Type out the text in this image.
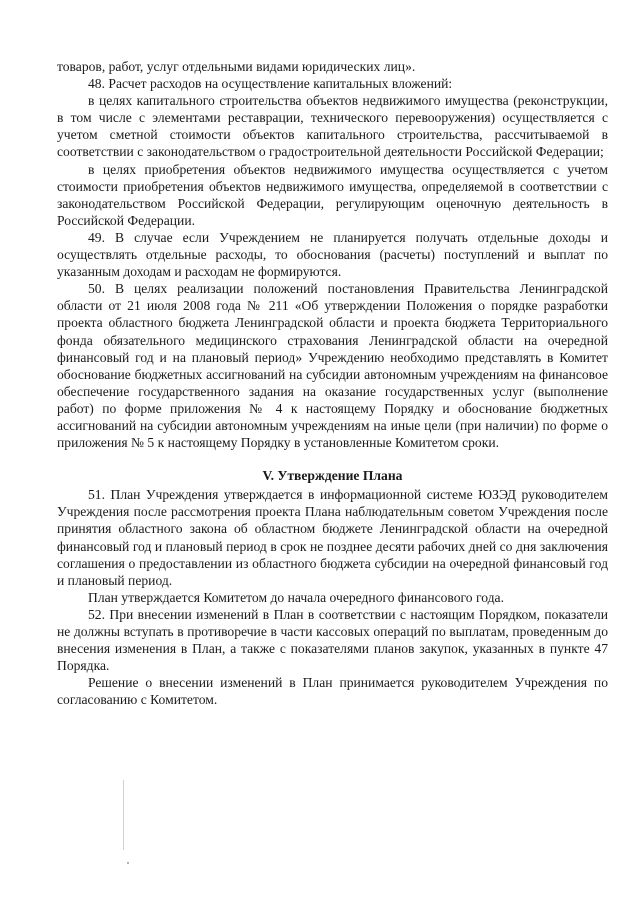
товаров, работ, услуг отдельными видами юридических лиц».

48. Расчет расходов на осуществление капитальных вложений:

в целях капитального строительства объектов недвижимого имущества (реконструкции, в том числе с элементами реставрации, технического перевооружения) осуществляется с учетом сметной стоимости объектов капитального строительства, рассчитываемой в соответствии с законодательством о градостроительной деятельности Российской Федерации;

в целях приобретения объектов недвижимого имущества осуществляется с учетом стоимости приобретения объектов недвижимого имущества, определяемой в соответствии с законодательством Российской Федерации, регулирующим оценочную деятельность в Российской Федерации.

49. В случае если Учреждением не планируется получать отдельные доходы и осуществлять отдельные расходы, то обоснования (расчеты) поступлений и выплат по указанным доходам и расходам не формируются.

50. В целях реализации положений постановления Правительства Ленинградской области от 21 июля 2008 года № 211 «Об утверждении Положения о порядке разработки проекта областного бюджета Ленинградской области и проекта бюджета Территориального фонда обязательного медицинского страхования Ленинградской области на очередной финансовый год и на плановый период» Учреждению необходимо представлять в Комитет обоснование бюджетных ассигнований на субсидии автономным учреждениям на финансовое обеспечение государственного задания на оказание государственных услуг (выполнение работ) по форме приложения № 4 к настоящему Порядку и обоснование бюджетных ассигнований на субсидии автономным учреждениям на иные цели (при наличии) по форме о приложения № 5 к настоящему Порядку в установленные Комитетом сроки.

V. Утверждение Плана

51. План Учреждения утверждается в информационной системе ЮЗЭД руководителем Учреждения после рассмотрения проекта Плана наблюдательным советом Учреждения после принятия областного закона об областном бюджете Ленинградской области на очередной финансовый год и плановый период в срок не позднее десяти рабочих дней со дня заключения соглашения о предоставлении из областного бюджета субсидии на очередной финансовый год и плановый период.

План утверждается Комитетом до начала очередного финансового года.

52. При внесении изменений в План в соответствии с настоящим Порядком, показатели не должны вступать в противоречие в части кассовых операций по выплатам, проведенным до внесения изменения в План, а также с показателями планов закупок, указанных в пункте 47 Порядка.

Решение о внесении изменений в План принимается руководителем Учреждения по согласованию с Комитетом.
